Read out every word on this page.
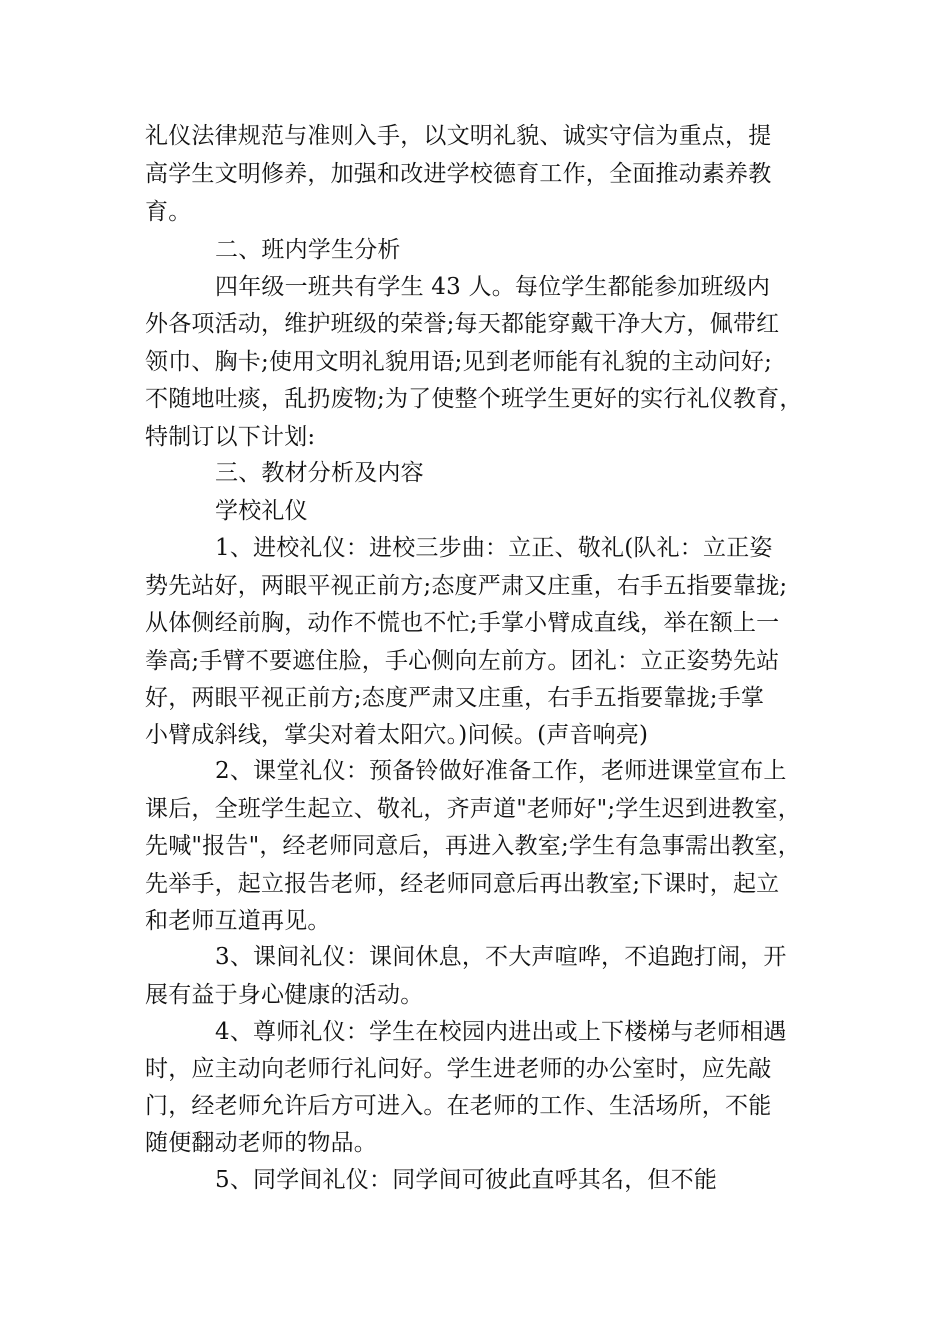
礼仪法律规范与准则入手，以文明礼貌、诚实守信为重点，提
高学生文明修养，加强和改进学校德育工作，全面推动素养教
育。
二、班内学生分析
四年级一班共有学生 43 人。每位学生都能参加班级内
外各项活动，维护班级的荣誉;每天都能穿戴干净大方，佩带红
领巾、胸卡;使用文明礼貌用语;见到老师能有礼貌的主动问好;
不随地吐痰，乱扔废物;为了使整个班学生更好的实行礼仪教育，
特制订以下计划:
三、教材分析及内容
学校礼仪
1、进校礼仪：进校三步曲：立正、敬礼(队礼：立正姿
势先站好，两眼平视正前方;态度严肃又庄重，右手五指要靠拢;
从体侧经前胸，动作不慌也不忙;手掌小臂成直线，举在额上一
拳高;手臂不要遮住脸，手心侧向左前方。团礼：立正姿势先站
好，两眼平视正前方;态度严肃又庄重，右手五指要靠拢;手掌
小臂成斜线，掌尖对着太阳穴。)问候。(声音响亮)
2、课堂礼仪：预备铃做好准备工作，老师进课堂宣布上
课后，全班学生起立、敬礼，齐声道"老师好";学生迟到进教室，
先喊"报告"，经老师同意后，再进入教室;学生有急事需出教室，
先举手，起立报告老师，经老师同意后再出教室;下课时，起立
和老师互道再见。
3、课间礼仪：课间休息，不大声喧哗，不追跑打闹，开
展有益于身心健康的活动。
4、尊师礼仪：学生在校园内进出或上下楼梯与老师相遇
时，应主动向老师行礼问好。学生进老师的办公室时，应先敲
门，经老师允许后方可进入。在老师的工作、生活场所，不能
随便翻动老师的物品。
5、同学间礼仪：同学间可彼此直呼其名，但不能
